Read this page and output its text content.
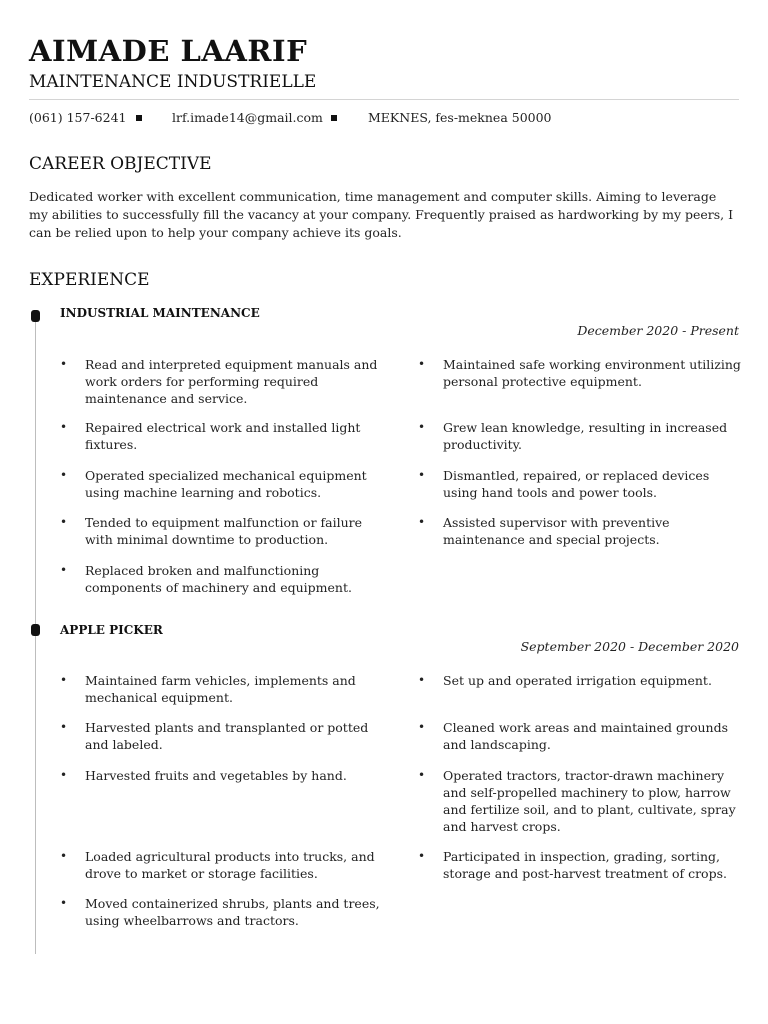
AIMADE LAARIF
MAINTENANCE INDUSTRIELLE
(061) 157-6241	lrf.imade14@gmail.com	MEKNES, fes-meknea 50000
CAREER OBJECTIVE

Dedicated worker with excellent communication, time management and computer skills. Aiming to leverage my abilities to successfully fill the vacancy at your company. Frequently praised as hardworking by my peers, I can be relied upon to help your company achieve its goals.

EXPERIENCE
INDUSTRIAL MAINTENANCE

December 2020 - Present

• Read and interpreted equipment manuals and work orders for performing required maintenance and service.
• Maintained safe working environment utilizing personal protective equipment.
• Repaired electrical work and installed light fixtures.
• Grew lean knowledge, resulting in increased productivity.
• Operated specialized mechanical equipment using machine learning and robotics.
• Dismantled, repaired, or replaced devices using hand tools and power tools.
• Tended to equipment malfunction or failure with minimal downtime to production.
• Assisted supervisor with preventive maintenance and special projects.
• Replaced broken and malfunctioning components of machinery and equipment.
APPLE PICKER

September 2020 - December 2020

• Maintained farm vehicles, implements and mechanical equipment.
• Set up and operated irrigation equipment.
• Harvested plants and transplanted or potted and labeled.
• Cleaned work areas and maintained grounds and landscaping.
• Harvested fruits and vegetables by hand.	• Operated tractors, tractor-drawn machinery and self-propelled machinery to plow, harrow and fertilize soil, and to plant, cultivate, spray and harvest crops.
• Loaded agricultural products into trucks, and drove to market or storage facilities.
• Participated in inspection, grading, sorting, storage and post-harvest treatment of crops.
• Moved containerized shrubs, plants and trees, using wheelbarrows and tractors.
